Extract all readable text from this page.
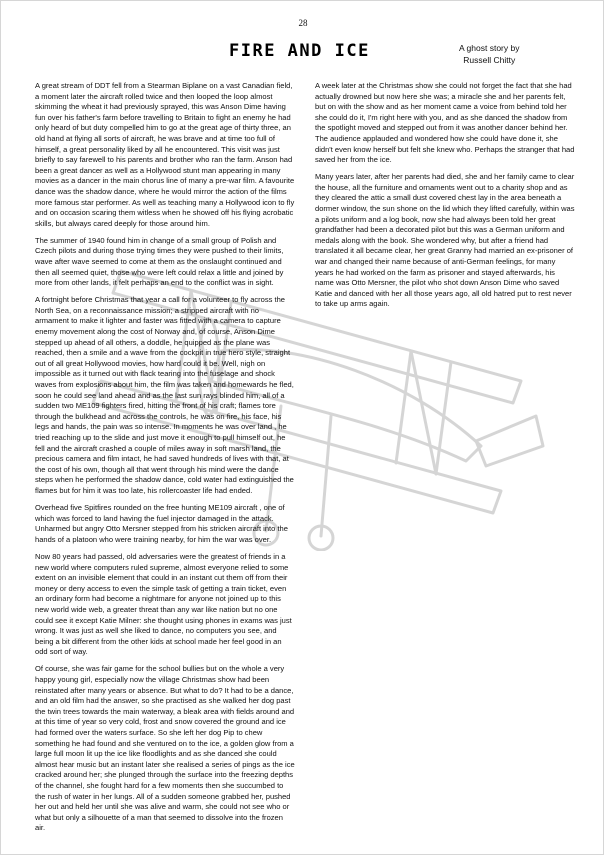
28
FIRE AND ICE	A ghost story by
Russell Chitty

A great stream of DDT fell from a Stearman Biplane on a vast Canadian field, a moment later the aircraft rolled twice and then looped the loop almost skimming the wheat it had previously sprayed, this was Anson Dime having fun over his father's farm before travelling to Britain to fight an enemy he had only heard of but duty compelled him to go at the great age of thirty three, an old hand at flying all sorts of aircraft, he was brave and at time too full of himself, a great personality liked by all he encountered. This visit was just briefly to say farewell to his parents and brother who ran the farm. Anson had been a great dancer as well as a Hollywood stunt man appearing in many movies as a dancer in the main chorus line of many a pre-war film. A favourite dance was the shadow dance, where he would mirror the action of the films more famous star performer. As well as teaching many a Hollywood icon to fly and on occasion scaring them witless when he showed off his flying acrobatic skills, but always cared deeply for those around him.

The summer of 1940 found him in change of a small group of Polish and Czech pilots and during those trying times they were pushed to their limits, wave after wave seemed to come at them as the onslaught continued and then all seemed quiet, those who were left could relax a little and joined by more from other lands, it felt perhaps an end to the conflict was in sight.

A fortnight before Christmas that year a call for a volunteer to fly across the North Sea, on a reconnaissance mission; a stripped aircraft with no armament to make it lighter and faster was fitted with a camera to capture enemy movement along the cost of Norway and, of course, Anson Dime stepped up ahead of all others, a doddle, he quipped as the plane was reached, then a smile and a wave from the cockpit in true hero style, straight out of all great Hollywood movies, how hard could it be. Well, nigh on impossible as it turned out with flack tearing into the fuselage and shock waves from explosions about him, the film was taken and homewards he fled, soon he could see land ahead and as the last sun rays blinded him, all of a sudden two ME109 fighters fired, hitting the front of his craft; flames tore through the bulkhead and across the controls, he was on fire, his face, his legs and hands, the pain was so intense. In moments he was over land , he tried reaching up to the slide and just move it enough to pull himself out, he fell and the aircraft crashed a couple of miles away in soft marsh land, the precious camera and film intact, he had saved hundreds of lives with that, at the cost of his own, though all that went through his mind were the dance steps when he performed the shadow dance, cold water had extinguished the flames but for him it was too late, his rollercoaster life had ended.

Overhead five Spitfires rounded on the free hunting ME109 aircraft , one of which was forced to land having the fuel injector damaged in the attack. Unharmed but angry Otto Mersner stepped from his stricken aircraft into the hands of a platoon who were training nearby, for him the war was over.

Now 80 years had passed, old adversaries were the greatest of friends in a new world where computers ruled supreme, almost everyone relied to some extent on an invisible element that could in an instant cut them off from their money or deny access to even the simple task of getting a train ticket, even an ordinary form had become a nightmare for anyone not joined up to this new world wide web, a greater threat than any war like nation but no one could see it except Katie Milner: she thought using phones in exams was just wrong. It was just as well she liked to dance, no computers you see, and being a bit different from the other kids at school made her feel good in an odd sort of way.

Of course, she was fair game for the school bullies but on the whole a very happy young girl, especially now the village Christmas show had been reinstated after many years or absence. But what to do? It had to be a dance, and an old film had the answer, so she practised as she walked her dog past the twin trees towards the main waterway, a bleak area with fields around and at this time of year so very cold, frost and snow covered the ground and ice had formed over the waters surface. So she left her dog Pip to chew something he had found and she ventured on to the ice, a golden glow from a large full moon lit up the ice like floodlights and as she danced she could almost hear music but an instant later she realised a series of pings as the ice cracked around her; she plunged through the surface into the freezing depths of the channel, she fought hard for a few moments then she succumbed to the rush of water in her lungs. All of a sudden someone grabbed her, pushed her out and held her until she was alive and warm, she could not see who or what but only a silhouette of a man that seemed to dissolve into the frozen air.

A week later at the Christmas show she could not forget the fact that she had actually drowned but now here she was; a miracle she and her parents felt, but on with the show and as her moment came a voice from behind told her she could do it, I'm right here with you, and as she danced the shadow from the spotlight moved and stepped out from it was another dancer behind her. The audience applauded and wondered how she could have done it, she didn't even know herself but felt she knew who. Perhaps the stranger that had saved her from the ice.

Many years later, after her parents had died, she and her family came to clear the house, all the furniture and ornaments went out to a charity shop and as they cleared the attic a small dust covered chest lay in the area beneath a dormer window, the sun shone on the lid which they lifted carefully, within was a pilots uniform and a log book, now she had always been told her great grandfather had been a decorated pilot but this was a German uniform and medals along with the book. She wondered why, but after a friend had translated it all became clear, her great Granny had married an ex-prisoner of war and changed their name because of anti-German feelings, for many years he had worked on the farm as prisoner and stayed afterwards, his name was Otto Mersner, the pilot who shot down Anson Dime who saved Katie and danced with her all those years ago, all old hatred put to rest never to take up arms again.
